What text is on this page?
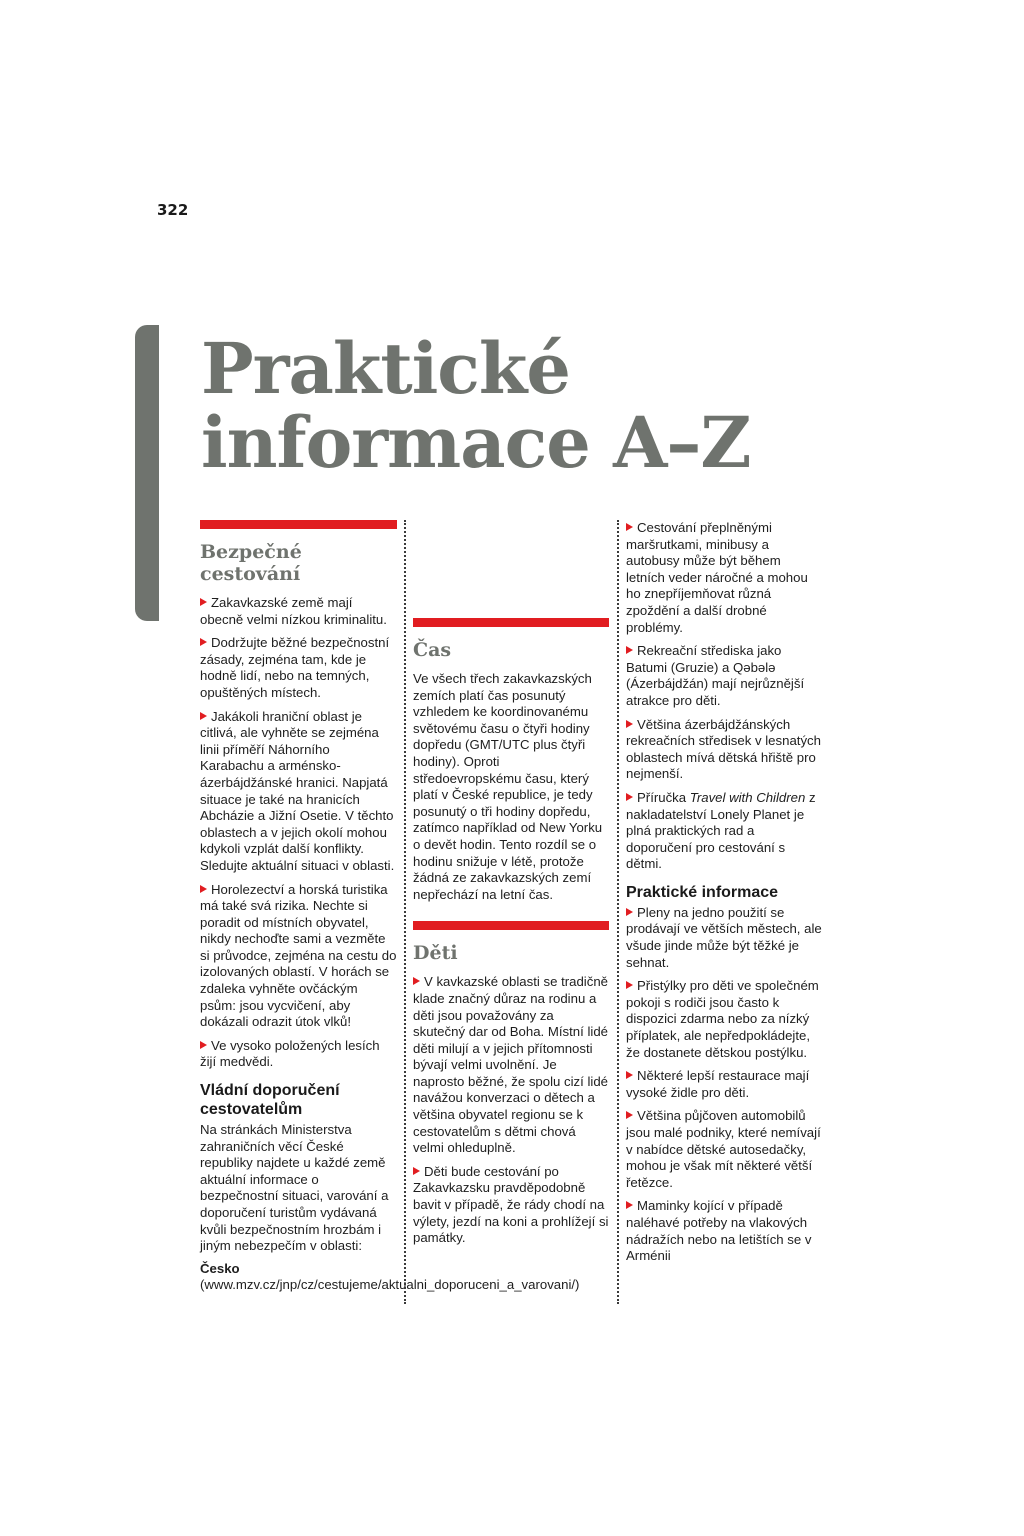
322
Praktické
informace A–Z
Bezpečné cestování

Zakavkazské země mají obecně velmi nízkou kriminalitu.

Dodržujte běžné bezpečnostní zásady, zejména tam, kde je hodně lidí, nebo na temných, opuštěných místech.

Jakákoli hraniční oblast je citlivá, ale vyhněte se zejména linii příměří Náhorního Karabachu a arménsko-ázerbájdžánské hranici. Napjatá situace je také na hranicích Abcházie a Jižní Osetie. V těchto oblastech a v jejich okolí mohou kdykoli vzplát další konflikty. Sledujte aktuální situaci v oblasti.

Horolezectví a horská turistika má také svá rizika. Nechte si poradit od místních obyvatel, nikdy nechoďte sami a vezměte si průvodce, zejména na cestu do izolovaných oblastí. V horách se zdaleka vyhněte ovčáckým psům: jsou vycvičení, aby dokázali odrazit útok vlků!

Ve vysoko položených lesích žijí medvědi.

Vládní doporučení cestovatelům

Na stránkách Ministerstva zahraničních věcí České republiky najdete u každé země aktuální informace o bezpečnostní situaci, varování a doporučení turistům vydávaná kvůli bezpečnostním hrozbám i jiným nebezpečím v oblasti:

Česko (www.mzv.cz/jnp/cz/cestujeme/aktualni_doporuceni_a_varovani/)

Čas

Ve všech třech zakavkazských zemích platí čas posunutý vzhledem ke koordinovanému světovému času o čtyři hodiny dopředu (GMT/UTC plus čtyři hodiny). Oproti středoevropskému času, který platí v České republice, je tedy posunutý o tři hodiny dopředu, zatímco například od New Yorku o devět hodin. Tento rozdíl se o hodinu snižuje v létě, protože žádná ze zakavkazských zemí nepřechází na letní čas.

Děti

V kavkazské oblasti se tradičně klade značný důraz na rodinu a děti jsou považovány za skutečný dar od Boha. Místní lidé děti milují a v jejich přítomnosti bývají velmi uvolnění. Je naprosto běžné, že spolu cizí lidé navážou konverzaci o dětech a většina obyvatel regionu se k cestovatelům s dětmi chová velmi ohleduplně.

Děti bude cestování po Zakavkazsku pravděpodobně bavit v případě, že rády chodí na výlety, jezdí na koni a prohlížejí si památky.

Cestování přeplněnými maršrutkami, minibusy a autobusy může být během letních veder náročné a mohou ho znepříjemňovat různá zpoždění a další drobné problémy.

Rekreační střediska jako Batumi (Gruzie) a Qəbələ (Ázerbájdžán) mají nejrůznější atrakce pro děti.

Většina ázerbájdžánských rekreačních středisek v lesnatých oblastech mívá dětská hřiště pro nejmenší.

Příručka Travel with Children z nakladatelství Lonely Planet je plná praktických rad a doporučení pro cestování s dětmi.

Praktické informace

Pleny na jedno použití se prodávají ve větších městech, ale všude jinde může být těžké je sehnat.

Přistýlky pro děti ve společném pokoji s rodiči jsou často k dispozici zdarma nebo za nízký příplatek, ale nepředpokládejte, že dostanete dětskou postýlku.

Některé lepší restaurace mají vysoké židle pro děti.

Většina půjčoven automobilů jsou malé podniky, které nemívají v nabídce dětské autosedačky, mohou je však mít některé větší řetězce.

Maminky kojící v případě naléhavé potřeby na vlakových nádražích nebo na letištích se v Arménii
